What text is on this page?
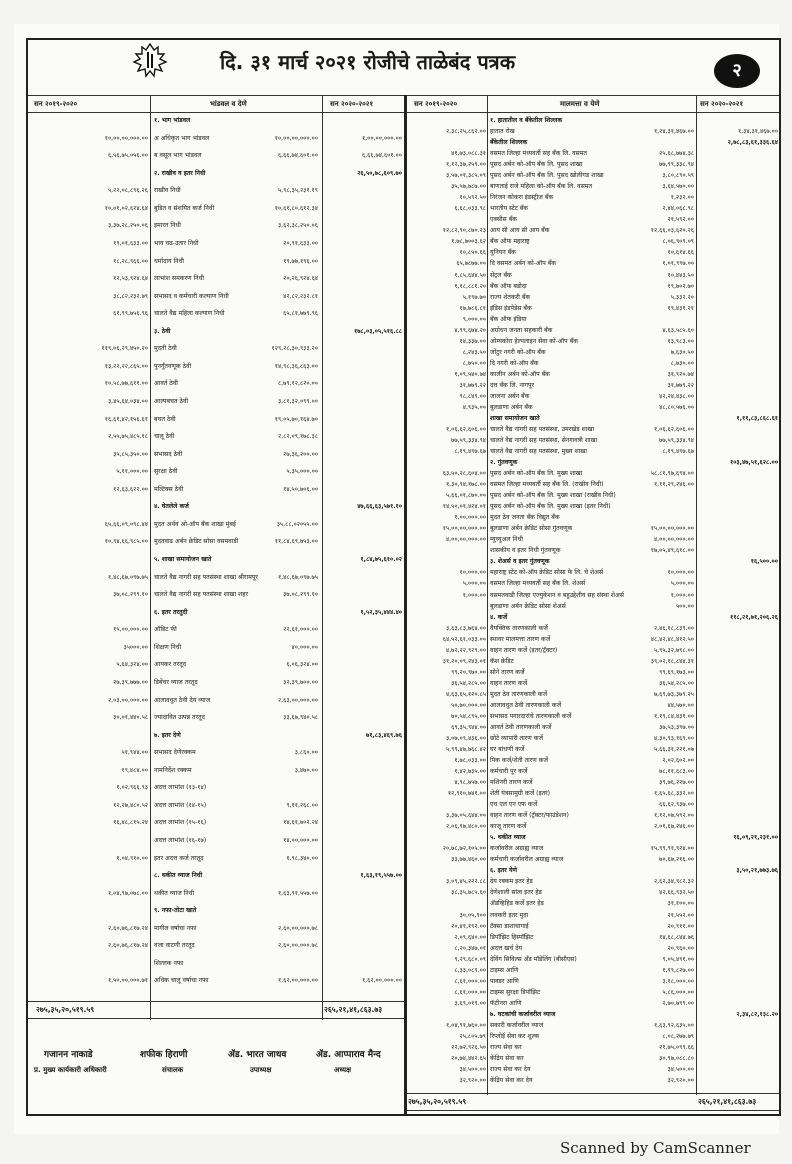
दि. ३१ मार्च २०२१ रोजीचे ताळेबंद पत्रक	२
सन २०१९-२०२०	भांडवल व देणे	सन २०२०-२०२१	सन २०१९-२०२०	मालमत्ता व येणे	सन २०२०-२०२१
१. भाग भांडवल
१०,००,००,०००.०० अ अधिकृत भाग भांडवल	१०,००,००,०००.००	१,००,००,०००.००
६,५६,७५,०५६.०० ब वसूल भाग भांडवल	६,६६,७४,६०१.००	६,६६,७४,६०१.००
२. राखीव व इतर निधी	२६,५०,७८,६०९.७०
५,२२,०८,८९६.२६ राखीव निधी	५,९८,३५,२३१.१९
१०,०१,०२,६२४.६४ बुडित व संशयित कर्ज निधी	१०,६१,८०,६१२.३४
३,३७,२८,२५०.०६ इमारत निधी	३,६२,३८,२५०.०६
१९,०१,६३३.०० भाव चढ-उतार निधी	२०,९१,६३३.००
१८,२८,९६६.०० धर्मादाय निधी	१९,७७,१९६.००
१२,५३,९२४.६४ लाभांश समकरण निधी	२०,२६,९२४.६४
३८,८२,२३२.७९ सभासद व कर्मचारी कल्याण निधी	४२,८२,२३२.८१
६१,९९,७५६.९६ चालते वैद्य महिला कल्याण निधी	६५,८१,७७९.९६
३. ठेवी	१७८,०३,०५,५१६.८८
११९,०६,२९,४५०.२० मुदती ठेवी	१२९,२८,३०,९३३.२०
१३,२२,२२,८६५.०० पुनर्गुंतवणूक ठेवी	१४,९८,३६,८६३.००
१०,५८,७७,६११.०० आवर्त ठेवी	८,७९,१२,८२०.००
३,४५,६४,०३४.०० आल्पबचत ठेवी	३,८१,३२,०९९.००
१६,६१,४२,१५६.६१ बचत ठेवी	१९,०५,७०,१६४.७०
२,५५,७५,४८५.१८ चालू ठेवी	२,८२,०९,१७८.३८
३५,८५,३५०.०० सभासद ठेवी	२७,३६,२००.००
५,११,०००.०० सुरक्षा ठेवी	५,३५,०००.००
१२,६३,६२२.०० मल्टिक्स ठेवी	१४,५०,७०६.००
४. घेतलेले कर्ज	४७,६६,६३,५७१.१०
६५,६६,०९,०९८.४४ मुदत अर्थव ओ-ऑप बँक शाखा मुंबई	३५,८८,०२०५५.००
१०,९४,६६,९८५.०० मुदतवाढ अर्बन क्रेडिट सोसा वसमवाडी	११,८४,६९,७५३.००
५. शाखा समायोजन खाते	१,८४,७५,६१०.०२
१,४८,६७,०९७.७५ चालते वैद्य नागरी सह पतसंस्था शाखा श्रीरामपूर	१,४८,६७,०९७.७५
३७,०८,२९९.१० चालते वैद्य नागरी सह पतसंस्था शाखा शहर	३७,०८,२९९.१०
६. इतर तरतुदी	१,५२,३५,४४४.४०
१५,००,०००.०० ऑडिट फी	२२,६१,०००.००
३५०००.०० शिक्षण निधी	४०,०००.००
५,६४,३२४.०० आयकर तरतूद	६,०६,३२४.००
२७,३९,७७७.०० डिबेंचर व्याज तरतूद	३२,३९,७००.००
२,०३,००,०००.०० आलावधुत ठेवी देय व्याज	२,६३,००,०००.००
३०,०१,४४०.५८ ज्यादावित उत्पन्न तरतूद	३३,६७,९४०.५८
७. इतर देणे	७१,८३,४६९.७६
५१,९४४.०० सभासद देणेरक्कम	३,८६०.००
१९,४८४.०० नामनिर्देश रक्कम	३,४७०.००
१,०२,९६६.९३ अदत्त लाभांश (१३-१४)
१२,२७,४८०.५२ अदत्त लाभांश (१४-१५)	९,११,२६८.००
१६,४८,८१५.२४ अदत्त लाभांश (१५-१६)	१४,६१,७०२.२४
अदत्त लाभांश (१६-१७)	१४,००,०००.००
१,०४,९१०.०० इतर अदत्त कर्ज तरतूद	१,९८,३४०.००
८. थकीत व्याज निधी	१,६३,१९,५५७.००
१,०४,९७,०७८.०० थकीत व्याज निधी	१,६३,९१,५५७.००
९. नफा-तोटा खाते
२,६०,७६,८१७.२४ मागील वर्षाचा नफा	२,६०,००,०००.७८
२,६०,७६,८१७.२४ वजा वाटणी तरतूद	२,६०,००,०००.७८
शिल्लक नफा
१,५०,००,०००.७१ अधिक चालू वर्षाचा नफा	१,६२,००,०००.००	१,६२,००,०००.००
१. हातातील व बँकेतील शिल्लक
२,३८,२५,८६२.०० हातात रोख	१,२४,३१,४६७.००	१,३४,३१,४६७.००
बँकेतील शिल्लक	२,७८,८३,६१,३३६.६४
४१,७३,०८८.३१ वसमत जिल्हा मध्यवर्ती सह बँक लि. वसमत	२५,६८,७७४.३८
१,१२,३७,२५९.०० पुसद अर्बन को-ऑप बँक लि. पुसद शाखा	७७,९९,३३८.९४
३,५७,०१,३८५.०९ पुसद अर्बन को-ऑप बँक लि. पुसद खोलीगड शाखा	३,८०,८९०.५९
३५,५७,७८७.०० बाणताई राजे महिला को-ऑप बँक लि. वसमत	३,६४,५७०.००
१०,५९२.५० निरंजन कोकरा इंडस्ट्रीज बँक	१,२३२.००
६,६८,०३३.९८ भारतीय स्टेट बँक	२,४४,०६८.९८
एक्सीस बँक	२१,५९२.००
१२,८२,९०,८७०.२३ आय सी आय सी आय बँक	१२,६६,०३,६२०.२६
१,७८,७००३.६२ बँक ऑफ महाराष्ट्र	८,०६,९०९.०९
१०,८५०.६६ युनियन बँक	१०,६१४.६६
६५,७८७७.०० दि वसमत अर्बन को-ऑप बँक	१,०१,९९७.००
१,८५,६४४.५० सेंट्रल बँक	१०,४४३.५०
१,१८,८८१.२० बँक ऑफ बडोदा	१९,७०२.७०
५,१९७.७० राज्य शेतकरी बँक	५,३३२.२०
१७,७८६.८१ इंडिस इंडपेडेस बँक	१९,४३१.२१
९,०००.०० बँक ऑफ इंडिया
४,९९,६७४.२० अग्रोधन जनता सहकारी बँक	४,६३,५८५.६०
१४,३३७.०० ओम्यकोरा हेल्पलाइन सेवा को-ऑप बँक	१३,९८३.००
८,२४३.५० जोंटुर नगरी को-ऑप बँक	७,६३०.५०
८,७५०.०० दि नगरी को-ऑप बँक	८,७३०.००
१,०९,५४०.७४ कालीन अर्बन को-ऑप बँक	३१,९२०.७४
३१,७७९.२२ दत्त बँक लि. नागपूर	३१,७७९.२२
९८,८४९.०० जालना अर्बन बँक	४२,२४,४३८.००
४,९३५.०० बुलडाणा अर्बन बँक	४८,८०,५७६.००
शाखा समायोजन खाते	१,११,८३,८६८.६१
१,०६,६२,६०६.०० चालते वैद्य नागरी सह पतसंस्था, उमरखेड शाखा	१,०६,६२,६०६.००
७७,५९,३३४.९४ चालते वैद्य नागरी सह पतसंस्था, सेनगावत्री शाखा	७७,५९,३३४.९४
८,१९,४९७.६७ चालते वैद्य नागरी सह पतसंस्था, मुख्य शाखा	८,१९,४९७.६७
२. गुंतवणूक	१०३,४७,५१,६२८.००
६३,५०,२८,६०४.०० पुसद अर्बन को-ऑप बँक लि. मुख्य शाखा	५८,८१,९७,६९४.००
१,३०,९४,१७८.०० वसमत जिल्हा मध्यवर्ती सह बँक लि. (राखीव निधी)	१,११,२९,२४६.००
५,६६,०१,८७०.०० पुसद अर्बन को-ऑप बँक लि. मुख्य शाखा (राखीव निधी)
१४,५०,०१,४२४.०१ पुसद अर्बन को-ऑप बँक लि. मुख्य शाखा (इतर निधी)
१,००,०००.०० मुदत ठेव जनता बँक विद्युत बँक
१५,००,००,०००.०० बुलडाणा अर्बन क्रेडिट सोसा गुंतवणूक	१५,००,००,०००.००
४,००,००,०००.०० म्युच्युअल निधी	४,००,००,०००.००
शासकीय व इतर निधी गुंतवणूक	१७,०५,४९,६१८.००
३. शेअर्स व इतर गुंतवणूक	१६,५००.००
१०,०००.०० महाराष्ट्र स्टेट को-ऑप क्रेडिट सोसा फे लि. चे शेअर्स	१०,०००.००
५,०००.०० वसमत जिल्हा मध्यवर्ती सह बँक लि. शेअर्स	५,०००.००
१,०००.०० वसमतवाडी जिल्हा एज्युकेशन व बहुउद्देशीय सह संस्था शेअर्स	१,०००.००
बुलडाणा अर्बन क्रेडिट सोसा शेअर्स	५००.००
४. कर्जे	११८,२१,७१,२०६.२६
३,६३,८३,७६४.०० वैयक्तिक तारणकाली कर्जे	२,४६,१८,८३९.००
६४,५२,६१,०३३.०० स्थावर मालमत्ता तारण कर्जे	४८,४२,४८,४१२.५०
४,७२,२२,९२९.०० वाहन तारण कर्जे (इतर/ट्रॅक्टर)	५,९५,३२,७९८.००
३१,२०,०९,२४३.०१ कॅश क्रेडिट	३९,०२,१८,८४४.३१
९९,२०,९७०.०० सोने तारण कर्जे	९९,६९,१७३.००
३६,५४,२८५.०० वाहन तारण कर्जे	३६,५४,२८५.००
४,६३,६५,१२०.८५ मुदत ठेव तारणकाली कर्जे	७,६९,७३,३७९.२५
५०,७०,०००.०० आलावधुत ठेवी तारणकाली कर्जे	४४,५७०.००
७०,५४,८९५.०० सभासद पगारदारांचे तारणकाली कर्जे	१,१९,८४,४३१.००
६९,३५,९४४.०० आवर्त ठेवी तारणकाली कर्जे	३७,५३,३९७.००
३,०७,०९,४३६.०० छोटे व्यापारी तारण कर्जे	४,३०,९३,१६९.००
५,९९,४७,७६८.४२ घर बांधणी कर्जे	५,६६,३१,२२१.०७
१,७८,०३३.०० पिक कर्ज/शेती तारण कर्जे	२,०२,६०२.००
१,४२,७३५.०० कर्मचारी पूर कर्जे	७८,११,६८३.००
४,९८,७५७.०० मशिनरी तारण कर्जे	३९,७६,२२७.००
१२,९१०,७४१.०० शेती यंत्रसामुग्री कर्जे (इतर)	१,६५,६८,३३२.००
एच एल एन एफ कर्जे	६६,६२,९३७.००
३,३७,०५,६४४.०० वाहन तारण कर्जे (ट्रॅक्टर/फाउंडेशन)	१,१२,०७,५९२.००
२,०६,९७,४८०.०० काजू तारण कर्जे	२,०१,६७,२४६.००
५. थकीत व्याज	१६,०९,२१,२३१.००
२०,७८,७२,१०५.०० कर्जावरील अग्राह्य व्याज	१५,९९,९१,९२४.००
३३,७७,४६०.०० कर्मचारी कर्जावरील अग्राह्य व्याज	७०,६७,२१६.००
६. इतर येणे	३,५०,२१,७७३.७६
३,०९,४५,२२२.८८ देय रक्कम इतर हेड	२,६२,३४,९८२.३२
३८,३५,७८५.६० देणेशाली सांत्व इतर हेड	४२,६६,९३२.५०
ॲडव्हिहिड कर्जे इतर हेड	३१,१००.००
३०,०५,९०० लवकरी इतर मुदा	२१,५५२.००
२०,४१,१९२.०० टॅक्सा डाशाचागाई	२०,९११.००
२,०९,६४०.०० डिपॉझिट हिस्पॉझिट	१४,६८,८४४.७६
८,२०,३४७.०१ अदत्त खर्च देय	२०,९६०.००
९,२९,६८०.०९ देविंग सिविल्स अँड मॉडेलिंग (बीसीएस)	९,०५,४९१.००
८,३३,०८९.०० टाइम्स आणि	१,९९,८२७.००
८,६१,०००.०० पावडर आणि	३,१८,०००.००
८,६१,०००.०० टाइम्स सुरक्षा डिपॉझिट	५,८६,०००.००
३,६९,०१९.०० फॅटीनरा आणि	२,७०,७९९.००
७. घटकांची कर्जावरील व्याज	२,३४,८२,१३८.२०
१,०४,९१,७६०.०० सकारी कर्जावरील व्याज	१,६३,९२,६३५.००
२५,८०५.७९ रिप्लोई सेवा कर शुल्क	८,०८,२७७.७९
२२,७२,९२६.५० राज्य सेवा कर	२१,७५,०९९.६६
२०,७४,४४२.६५ केंद्रिय सेवा कर	३०,९७,०८८.८०
३४,५००.०० राज्य सेवा कर देय	३४,५००.००
३२,९२०.०० केंद्रिय सेवा कर देय	३२,९२०.००
२७५,३५,२०,५१९.५९	२६५,२१,४१,८६३.७३
२७५,३५,२०,५१९.५९	२६५,२१,४१,८६३.७३
गजानन नाकाडे	शफीक हिराणी	ॲड. भारत जाधव	ॲड. आप्पाराव मैन्द
प्र. मुख्य कार्यकारी अधिकारी	संचालक	उपाध्यक्ष	अध्यक्ष
Scanned by CamScanner
